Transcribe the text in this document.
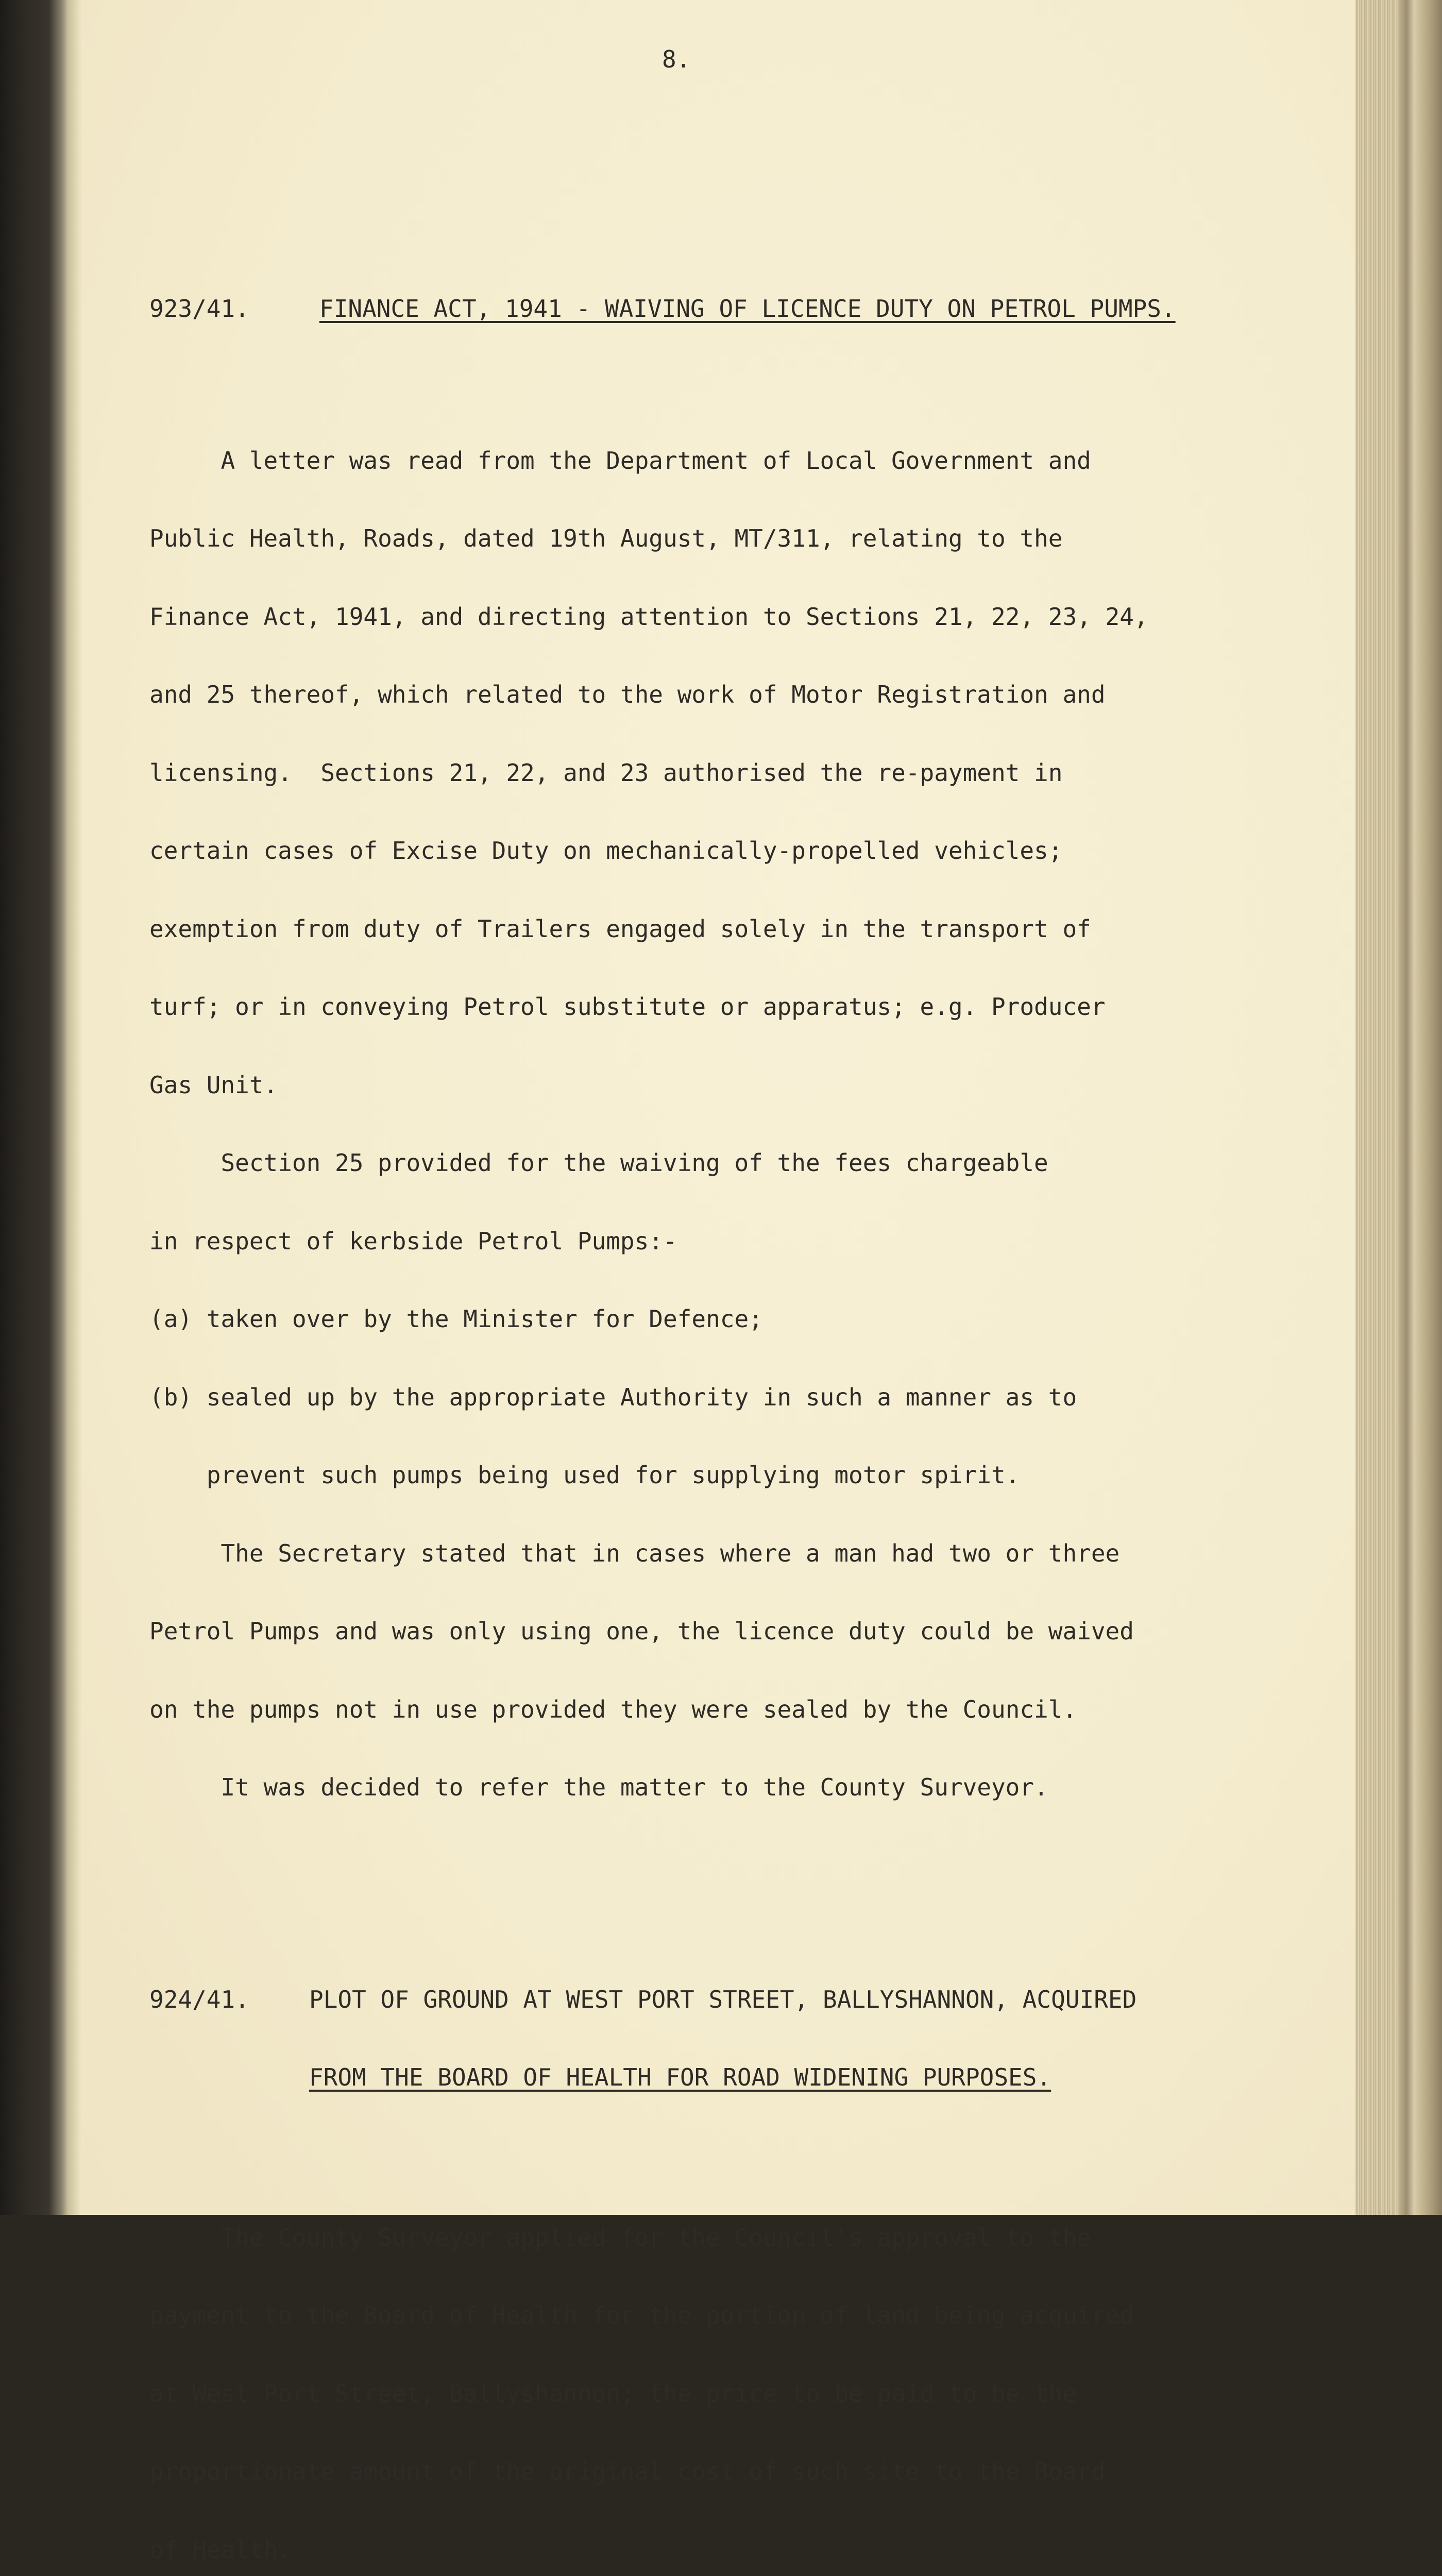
8.

923/41.	FINANCE ACT, 1941 - WAIVING OF LICENCE DUTY ON PETROL PUMPS.

A letter was read from the Department of Local Government and

Public Health, Roads, dated 19th August, MT/311, relating to the

Finance Act, 1941, and directing attention to Sections 21, 22, 23, 24,

and 25 thereof, which related to the work of Motor Registration and

licensing.  Sections 21, 22, and 23 authorised the re-payment in

certain cases of Excise Duty on mechanically-propelled vehicles;

exemption from duty of Trailers engaged solely in the transport of

turf; or in conveying Petrol substitute or apparatus; e.g. Producer

Gas Unit.

Section 25 provided for the waiving of the fees chargeable

in respect of kerbside Petrol Pumps:-

(a) taken over by the Minister for Defence;

(b) sealed up by the appropriate Authority in such a manner as to

prevent such pumps being used for supplying motor spirit.

The Secretary stated that in cases where a man had two or three

Petrol Pumps and was only using one, the licence duty could be waived

on the pumps not in use provided they were sealed by the Council.

It was decided to refer the matter to the County Surveyor.

924/41.	PLOT OF GROUND AT WEST PORT STREET, BALLYSHANNON, ACQUIRED

FROM THE BOARD OF HEALTH FOR ROAD WIDENING PURPOSES.

The County Surveyor applied for the Council's approval to the

payment to the Board of Health for the portion of land being acquired

at West Port Street, Ballyshannon; the price to be paid to be the

proportionate amount of the original cost of such site to the Board

of Health.
